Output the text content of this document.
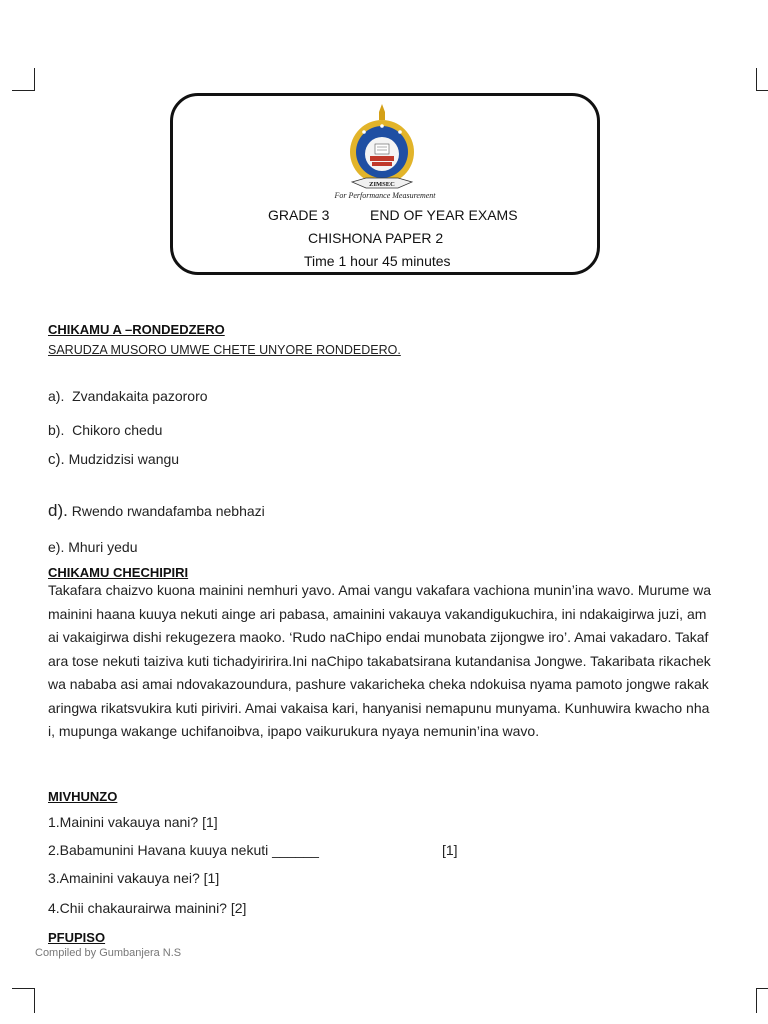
ZIMSEC
For Performance Measurement
GRADE 3	END OF YEAR EXAMS
CHISHONA PAPER 2
Time 1 hour 45 minutes
CHIKAMU A –RONDEDZERO
SARUDZA MUSORO UMWE CHETE UNYORE RONDEDERO.
a). Zvandakaita pazororo
b). Chikoro chedu
c). Mudzidzisi wangu
d). Rwendo rwandafamba nebhazi
e). Mhuri yedu
CHIKAMU CHECHIPIRI
Takafara chaizvo kuona mainini nemhuri yavo. Amai vangu vakafara vachiona munin’ina wavo. Murume wamainini haana kuuya nekuti ainge ari pabasa, amainini vakauya vakandigukuchira, ini ndakaigirwa juzi, amai vakaigirwa dishi rekugezera maoko. ‘Rudo naChipo endai munobata zijongwe iro’. Amai vakadaro. Takafara tose nekuti taiziva kuti tichadyiririra.Ini naChipo takabatsirana kutandanisa Jongwe. Takaribata rikachekwa nababa asi amai ndovakazoundura, pashure vakaricheka cheka ndokuisa nyama pamoto jongwe rakakaringwa rikatsvukira kuti piriviri. Amai vakaisa kari, hanyanisi nemapunu munyama. Kunhuwira kwacho nhai, mupunga wakange uchifanoibva, ipapo vaikurukura nyaya nemunin’ina wavo.
MIVHUNZO
1.Mainini vakauya nani? [1]
2.Babamunini Havana kuuya nekuti ______	[1]
3.Amainini vakauya nei? [1]
4.Chii chakaurairwa mainini? [2]
PFUPISO
Compiled by Gumbanjera N.S
